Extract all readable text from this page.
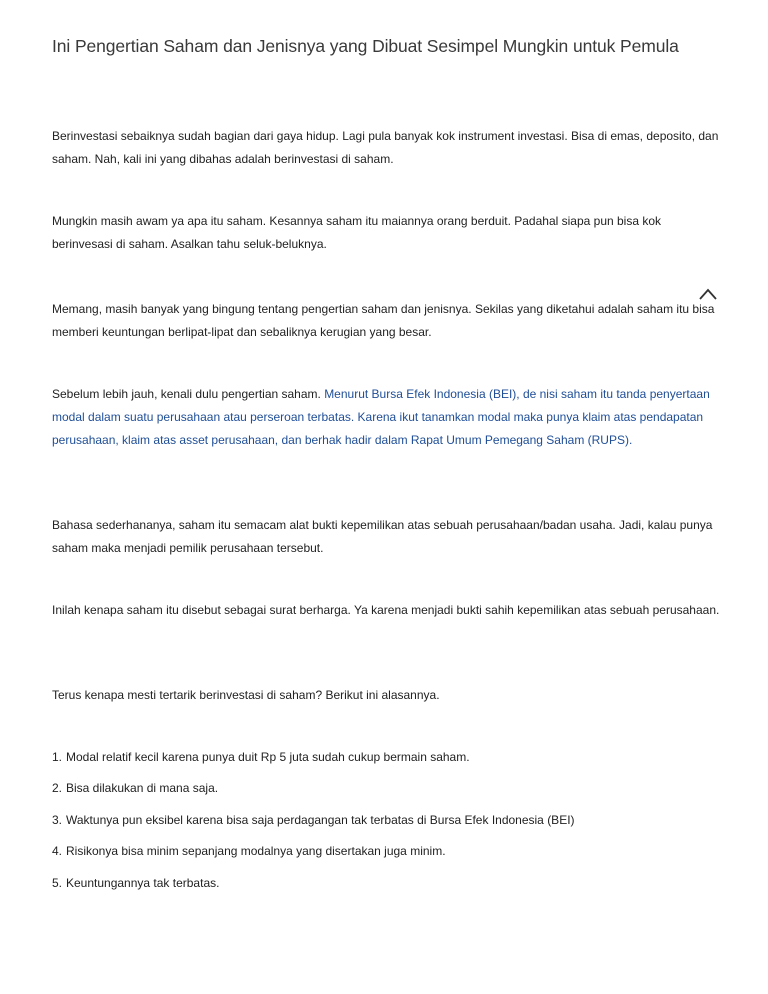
Ini Pengertian Saham dan Jenisnya yang Dibuat Sesimpel Mungkin untuk Pemula

Berinvestasi sebaiknya sudah bagian dari gaya hidup. Lagi pula banyak kok instrument investasi. Bisa di emas, deposito, dan saham. Nah, kali ini yang dibahas adalah berinvestasi di saham.

Mungkin masih awam ya apa itu saham. Kesannya saham itu maiannya orang berduit. Padahal siapa pun bisa kok berinvesasi di saham. Asalkan tahu seluk-beluknya.

Memang, masih banyak yang bingung tentang pengertian saham dan jenisnya. Sekilas yang diketahui adalah saham itu bisa memberi keuntungan berlipat-lipat dan sebaliknya kerugian yang besar.

Sebelum lebih jauh, kenali dulu pengertian saham. Menurut Bursa Efek Indonesia (BEI), de nisi saham itu tanda penyertaan modal dalam suatu perusahaan atau perseroan terbatas. Karena ikut tanamkan modal maka punya klaim atas pendapatan perusahaan, klaim atas asset perusahaan, dan berhak hadir dalam Rapat Umum Pemegang Saham (RUPS).

Bahasa sederhananya, saham itu semacam alat bukti kepemilikan atas sebuah perusahaan/badan usaha. Jadi, kalau punya saham maka menjadi pemilik perusahaan tersebut.

Inilah kenapa saham itu disebut sebagai surat berharga. Ya karena menjadi bukti sahih kepemilikan atas sebuah perusahaan.

Terus kenapa mesti tertarik berinvestasi di saham? Berikut ini alasannya.

1. Modal relatif kecil karena punya duit Rp 5 juta sudah cukup bermain saham.
2. Bisa dilakukan di mana saja.
3. Waktunya pun eksibel karena bisa saja perdagangan tak terbatas di Bursa Efek Indonesia (BEI)
4. Risikonya bisa minim sepanjang modalnya yang disertakan juga minim.
5. Keuntungannya tak terbatas.
